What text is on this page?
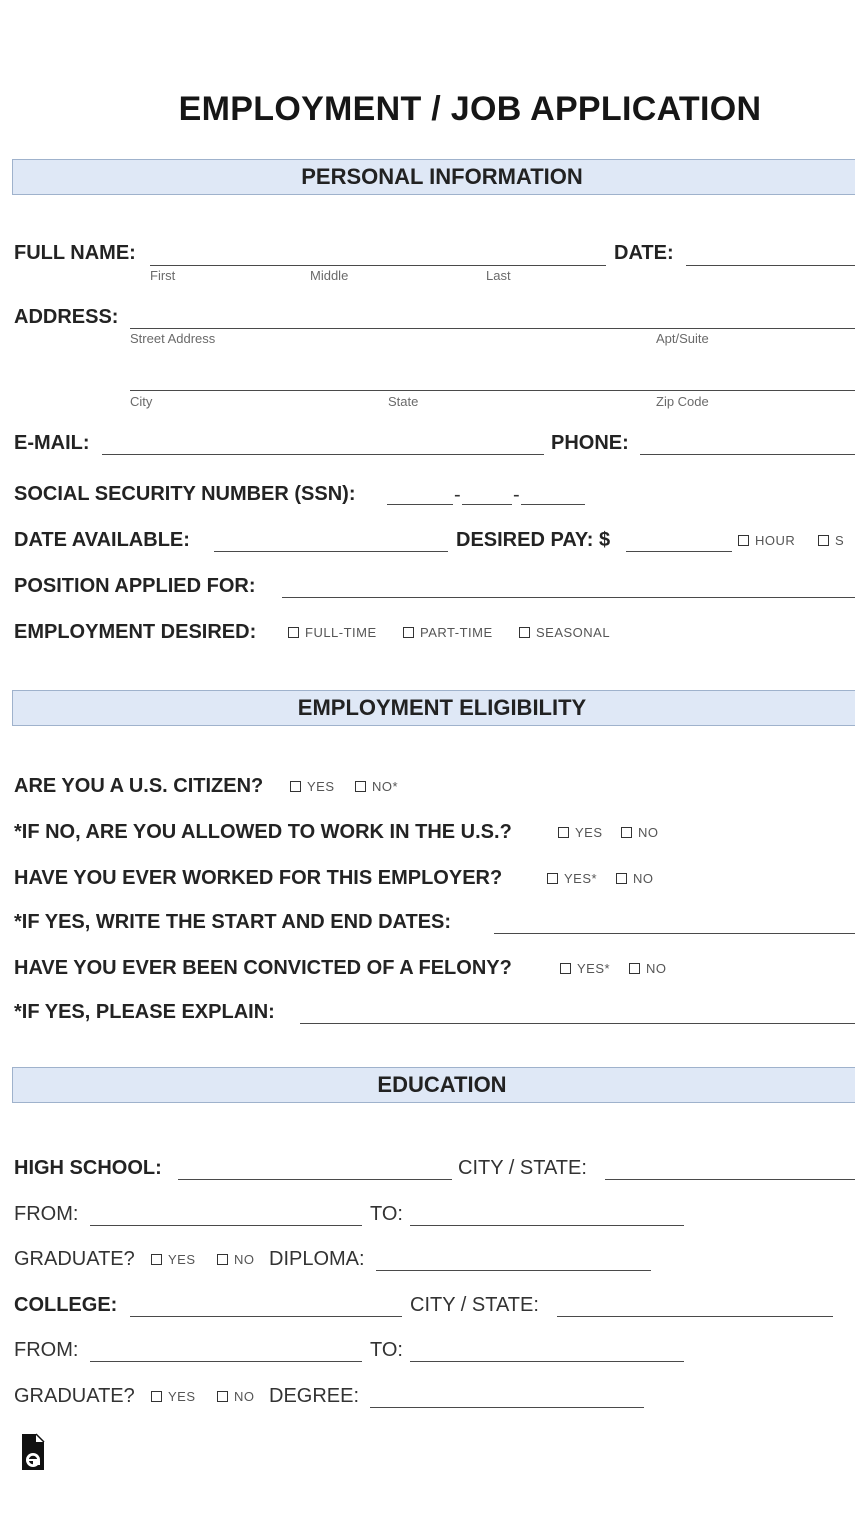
EMPLOYMENT / JOB APPLICATION
PERSONAL INFORMATION
FULL NAME:
First	Middle	Last
DATE:
ADDRESS:
Street Address	Apt/Suite
City	State	Zip Code
E-MAIL:	PHONE:
SOCIAL SECURITY NUMBER (SSN):	-	-
DATE AVAILABLE:	DESIRED PAY: $	HOUR	S
POSITION APPLIED FOR:
EMPLOYMENT DESIRED:	FULL-TIME	PART-TIME	SEASONAL
EMPLOYMENT ELIGIBILITY
ARE YOU A U.S. CITIZEN?	YES	NO*
*IF NO, ARE YOU ALLOWED TO WORK IN THE U.S.?	YES	NO
HAVE YOU EVER WORKED FOR THIS EMPLOYER?	YES*	NO
*IF YES, WRITE THE START AND END DATES:
HAVE YOU EVER BEEN CONVICTED OF A FELONY?	YES*	NO
*IF YES, PLEASE EXPLAIN:
EDUCATION
HIGH SCHOOL:	CITY / STATE:
FROM:	TO:
GRADUATE?	YES	NO DIPLOMA:
COLLEGE:	CITY / STATE:
FROM:	TO:
GRADUATE?	YES	NO DEGREE:
